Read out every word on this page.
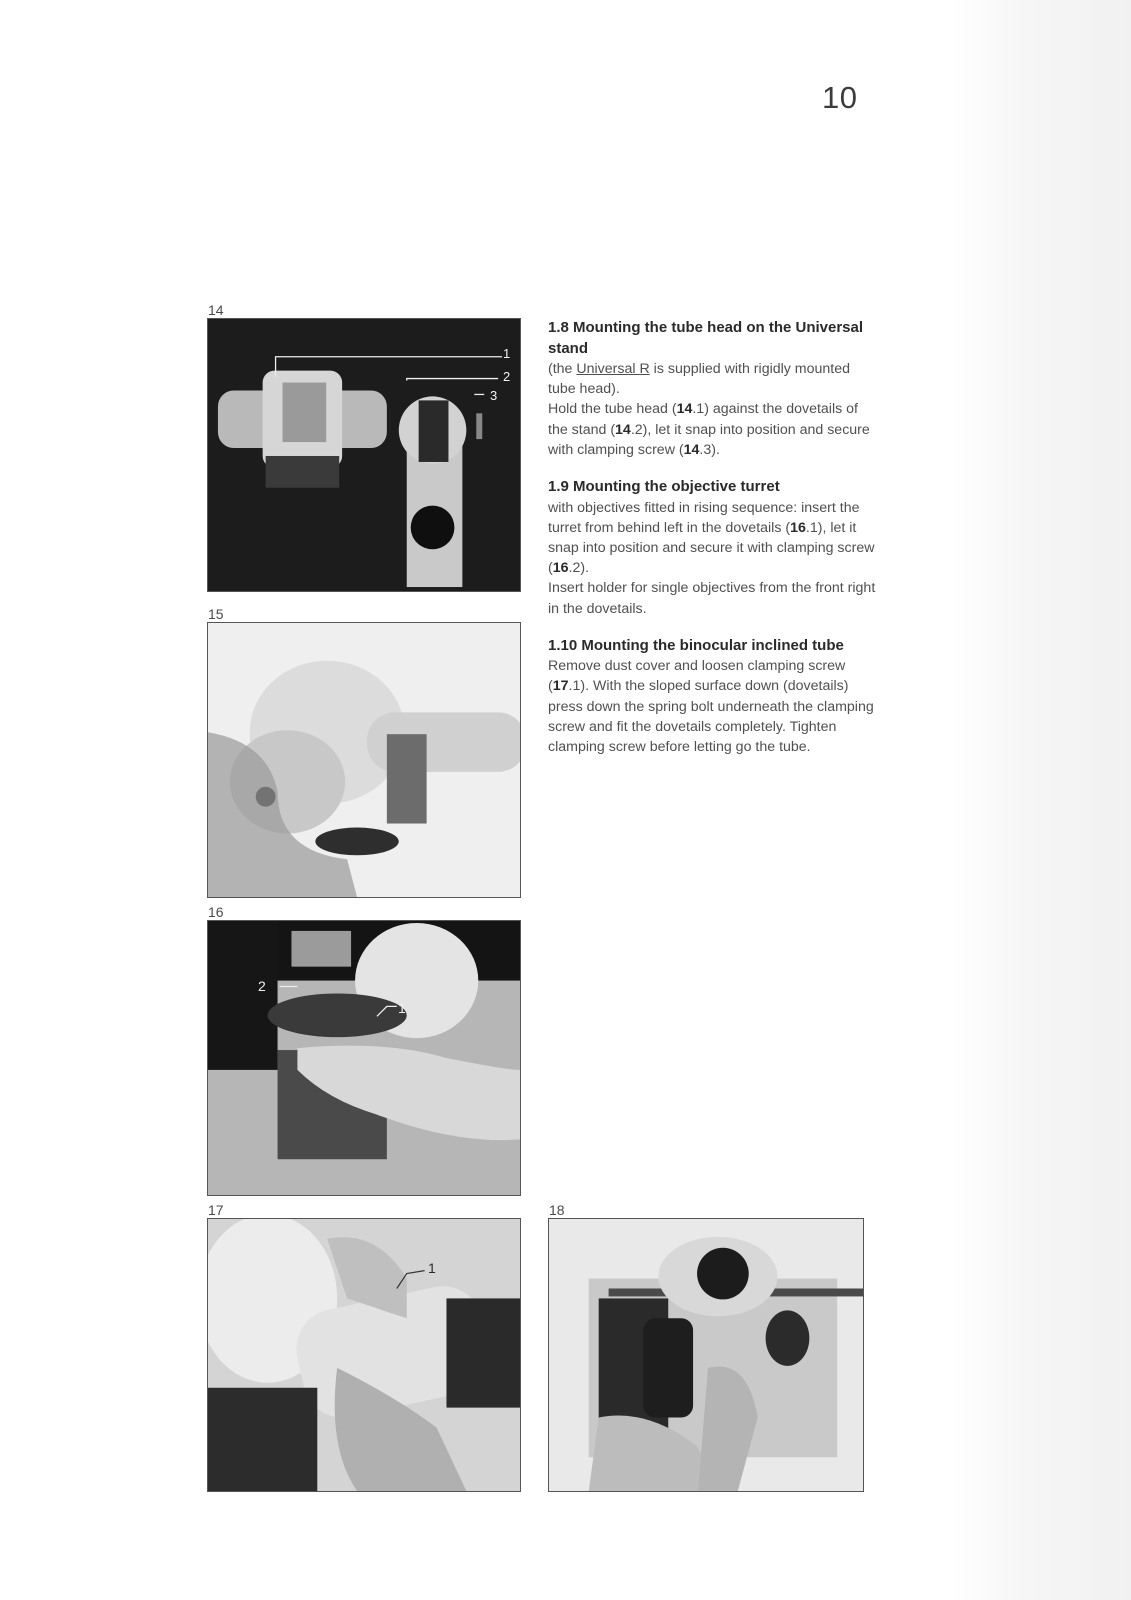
10
14
1
2
3
15
16
2
1
17
1
18
1.8 Mounting the tube head on the Universal stand

(the Universal R is supplied with rigidly mounted tube head).

Hold the tube head (14.1) against the dovetails of the stand (14.2), let it snap into position and secure with clamping screw (14.3).

1.9 Mounting the objective turret

with objectives fitted in rising sequence: insert the turret from behind left in the dovetails (16.1), let it snap into position and secure it with clamping screw (16.2).

Insert holder for single objectives from the front right in the dovetails.

1.10 Mounting the binocular inclined tube

Remove dust cover and loosen clamping screw (17.1). With the sloped surface down (dovetails) press down the spring bolt underneath the clamping screw and fit the dovetails completely. Tighten clamping screw before letting go the tube.
